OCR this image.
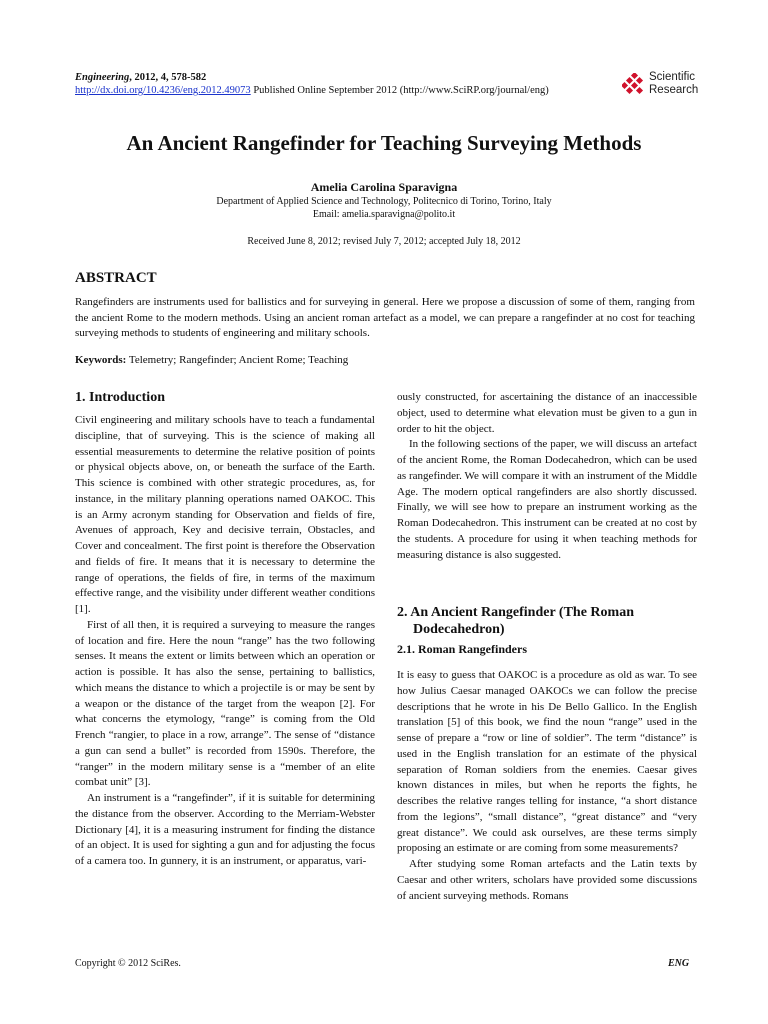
Engineering, 2012, 4, 578-582
http://dx.doi.org/10.4236/eng.2012.49073 Published Online September 2012 (http://www.SciRP.org/journal/eng)
Scientific
Research
An Ancient Rangefinder for Teaching Surveying Methods
Amelia Carolina Sparavigna
Department of Applied Science and Technology, Politecnico di Torino, Torino, Italy
Email: amelia.sparavigna@polito.it
Received June 8, 2012; revised July 7, 2012; accepted July 18, 2012
ABSTRACT
Rangefinders are instruments used for ballistics and for surveying in general. Here we propose a discussion of some of them, ranging from the ancient Rome to the modern methods. Using an ancient roman artefact as a model, we can prepare a rangefinder at no cost for teaching surveying methods to students of engineering and military schools.
Keywords: Telemetry; Rangefinder; Ancient Rome; Teaching
1. Introduction

Civil engineering and military schools have to teach a fundamental discipline, that of surveying. This is the science of making all essential measurements to determine the relative position of points or physical objects above, on, or beneath the surface of the Earth. This science is combined with other strategic procedures, as, for instance, in the military planning operations named OAKOC. This is an Army acronym standing for Observation and fields of fire, Avenues of approach, Key and decisive terrain, Obstacles, and Cover and concealment. The first point is therefore the Observation and fields of fire. It means that it is necessary to determine the range of operations, the fields of fire, in terms of the maximum effective range, and the visibility under different weather conditions [1].

First of all then, it is required a surveying to measure the ranges of location and fire. Here the noun “range” has the two following senses. It means the extent or limits between which an operation or action is possible. It has also the sense, pertaining to ballistics, which means the distance to which a projectile is or may be sent by a weapon or the distance of the target from the weapon [2]. For what concerns the etymology, “range” is coming from the Old French “rangier, to place in a row, arrange”. The sense of “distance a gun can send a bullet” is recorded from 1590s. Therefore, the “ranger” in the modern military sense is a “member of an elite combat unit” [3].

An instrument is a “rangefinder”, if it is suitable for determining the distance from the observer. According to the Merriam-Webster Dictionary [4], it is a measuring instrument for finding the distance of an object. It is used for sighting a gun and for adjusting the focus of a camera too. In gunnery, it is an instrument, or apparatus, vari-

ously constructed, for ascertaining the distance of an inaccessible object, used to determine what elevation must be given to a gun in order to hit the object.

In the following sections of the paper, we will discuss an artefact of the ancient Rome, the Roman Dodecahedron, which can be used as rangefinder. We will compare it with an instrument of the Middle Age. The modern optical rangefinders are also shortly discussed. Finally, we will see how to prepare an instrument working as the Roman Dodecahedron. This instrument can be created at no cost by the students. A procedure for using it when teaching methods for measuring distance is also suggested.

2. An Ancient Rangefinder (The Roman
Dodecahedron)
2.1. Roman Rangefinders

It is easy to guess that OAKOC is a procedure as old as war. To see how Julius Caesar managed OAKOCs we can follow the precise descriptions that he wrote in his De Bello Gallico. In the English translation [5] of this book, we find the noun “range” used in the sense of prepare a “row or line of soldier”. The term “distance” is used in the English translation for an estimate of the physical separation of Roman soldiers from the enemies. Caesar gives known distances in miles, but when he reports the fights, he describes the relative ranges telling for instance, “a short distance from the legions”, “small distance”, “great distance” and “very great distance”. We could ask ourselves, are these terms simply proposing an estimate or are coming from some measurements?

After studying some Roman artefacts and the Latin texts by Caesar and other writers, scholars have provided some discussions of ancient surveying methods. Romans

Copyright © 2012 SciRes.	ENG
